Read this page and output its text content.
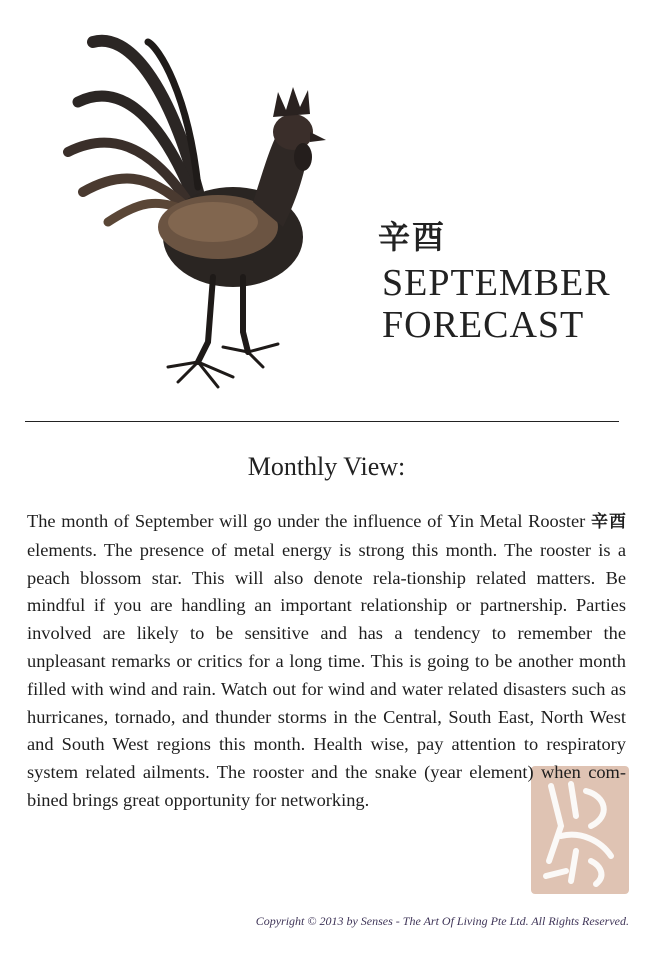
辛酉
SEPTEMBER
FORECAST
Monthly View:
The month of September will go under the influence of Yin Metal Rooster 辛酉 elements. The presence of metal energy is strong this month. The rooster is a peach blossom star. This will also denote rela-tionship related matters. Be mindful if you are handling an important relationship or partnership. Parties involved are likely to be sensitive and has a tendency to remember the unpleasant remarks or critics for a long time. This is going to be another month filled with wind and rain. Watch out for wind and water related disasters such as hurricanes, tornado, and thunder storms in the Central, South East, North West and South West regions this month. Health wise, pay attention to respiratory system related ailments. The rooster and the snake (year element) when com-bined brings great opportunity for networking.
Copyright © 2013 by Senses - The Art Of Living Pte Ltd. All Rights Reserved.
